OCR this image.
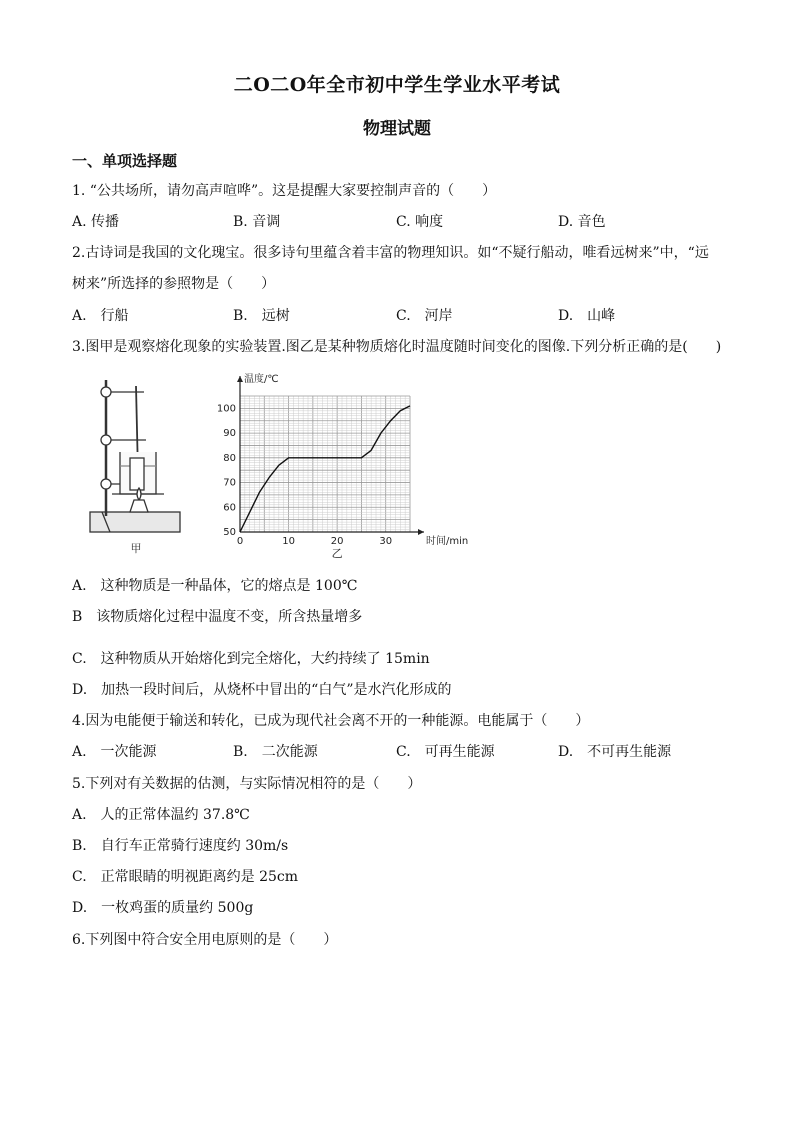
二O二O年全市初中学生学业水平考试
物理试题
一、单项选择题
1. “公共场所，请勿高声喧哗”。这是提醒大家要控制声音的（　　）
A. 传播	B. 音调	C. 响度	D. 音色
2.古诗词是我国的文化瑰宝。很多诗句里蕴含着丰富的物理知识。如“不疑行船动，唯看远树来”中，“远
树来”所选择的参照物是（　　）
A.　行船	B.　远树	C.　河岸	D.　山峰
3.图甲是观察熔化现象的实验装置.图乙是某种物质熔化时温度随时间变化的图像.下列分析正确的是(　　)
甲
0	10	20	30
50
60
70
80
90
100
温度/℃
时间/min
乙
A.　这种物质是一种晶体，它的熔点是 100℃
B　该物质熔化过程中温度不变，所含热量增多
C.　这种物质从开始熔化到完全熔化，大约持续了 15min
D.　加热一段时间后，从烧杯中冒出的“白气”是水汽化形成的
4.因为电能便于输送和转化，已成为现代社会离不开的一种能源。电能属于（　　）
A.　一次能源	B.　二次能源	C.　可再生能源	D.　不可再生能源
5.下列对有关数据的估测，与实际情况相符的是（　　）
A.　人的正常体温约 37.8℃
B.　自行车正常骑行速度约 30m/s
C.　正常眼睛的明视距离约是 25cm
D.　一枚鸡蛋的质量约 500g
6.下列图中符合安全用电原则的是（　　）
